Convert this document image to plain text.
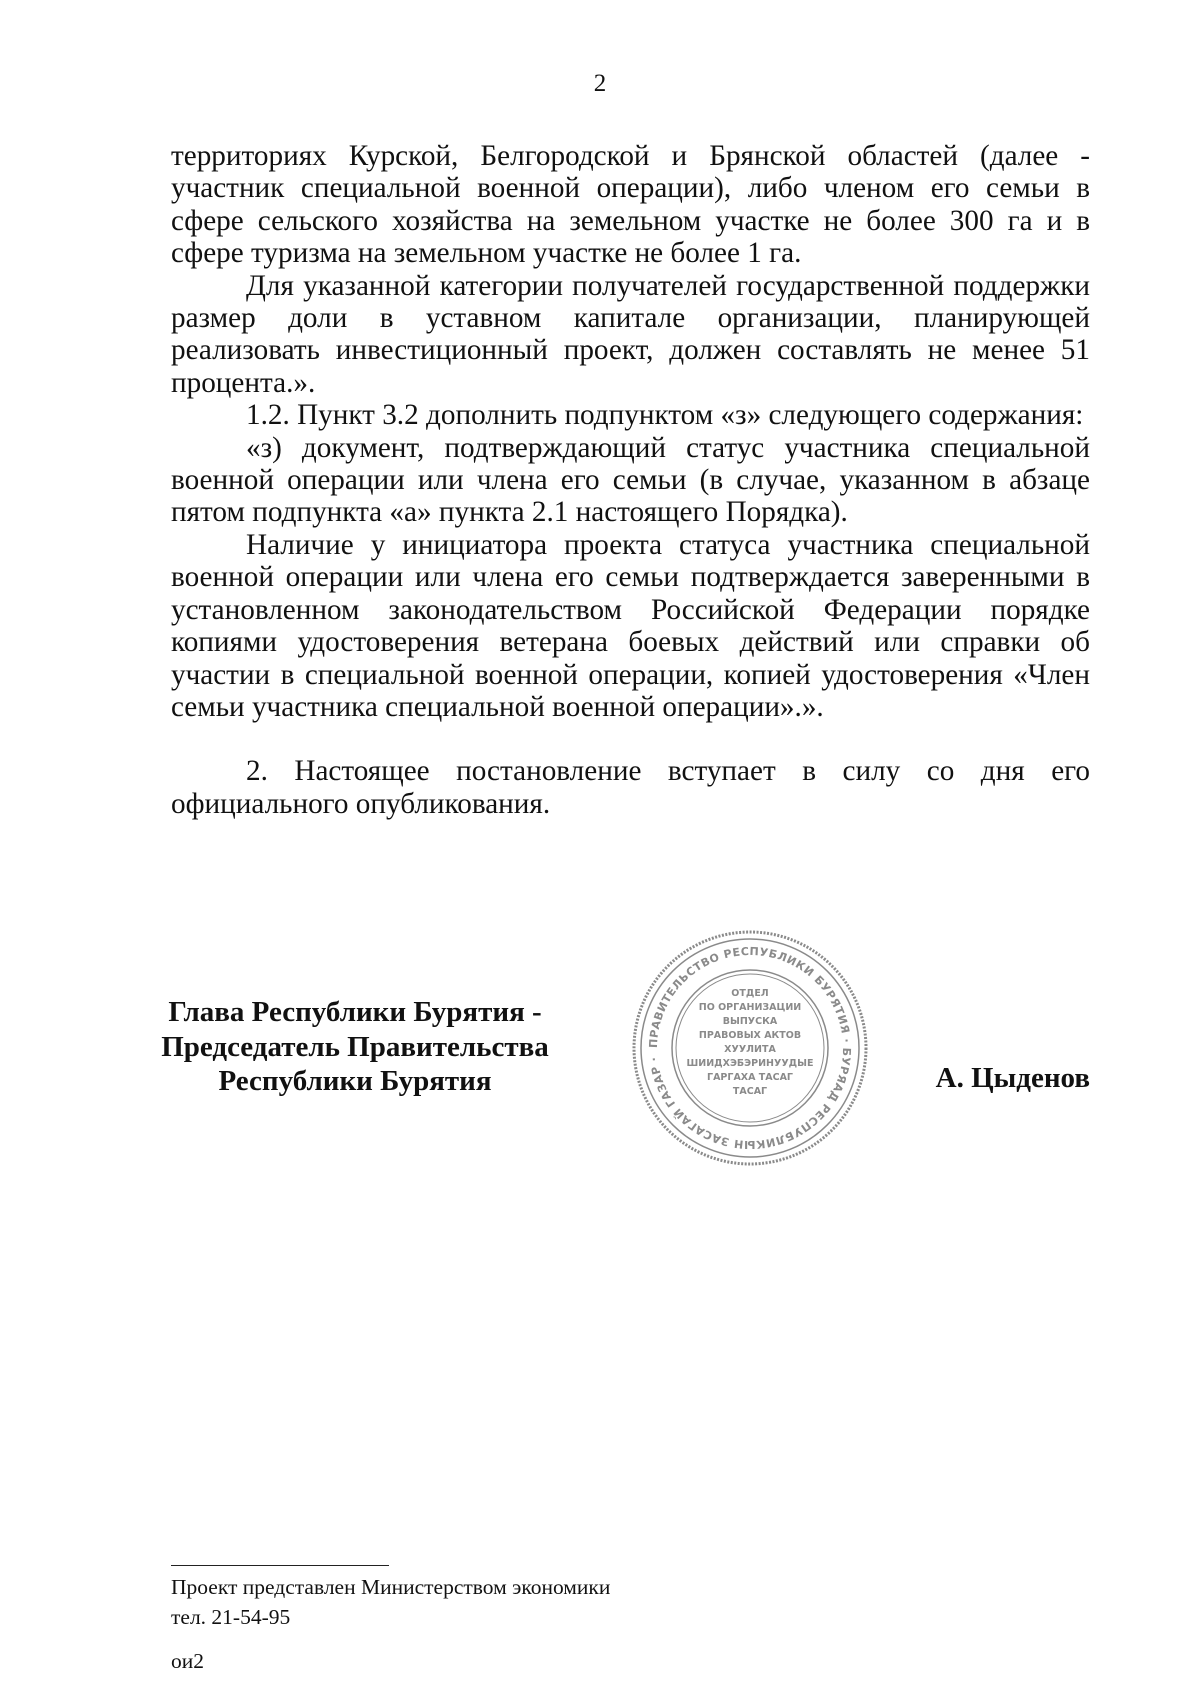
2

территориях Курской, Белгородской и Брянской областей (далее - участник специальной военной операции), либо членом его семьи в сфере сельского хозяйства на земельном участке не более 300 га и в сфере туризма на земельном участке не более 1 га.

Для указанной категории получателей государственной поддержки размер доли в уставном капитале организации, планирующей реализовать инвестиционный проект, должен составлять не менее 51 процента.».

1.2. Пункт 3.2 дополнить подпунктом «з» следующего содержания:

«з) документ, подтверждающий статус участника специальной военной операции или члена его семьи (в случае, указанном в абзаце пятом подпункта «а» пункта 2.1 настоящего Порядка).

Наличие у инициатора проекта статуса участника специальной военной операции или члена его семьи подтверждается заверенными в установленном законодательством Российской Федерации порядке копиями удостоверения ветерана боевых действий или справки об участии в специальной военной операции, копией удостоверения «Член семьи участника специальной военной операции».».

2. Настоящее постановление вступает в силу со дня его официального опубликования.

Глава Республики Бурятия -
Председатель Правительства
Республики Бурятия
ПРАВИТЕЛЬСТВО РЕСПУБЛИКИ БУРЯТИЯ · БУРЯАД РЕСПУБЛИКЫН ЗАСАГАЙ ГАЗАР ·
ОТДЕЛ
ПО ОРГАНИЗАЦИИ
ВЫПУСКА
ПРАВОВЫХ АКТОВ
ХУУЛИТА
ШИИДХЭБЭРИНУУДЫЕ
ГАРГАХА ТАСАГ
ТАСАГ	А. Цыденов
Проект представлен Министерством экономики
тел. 21-54-95
ои2
